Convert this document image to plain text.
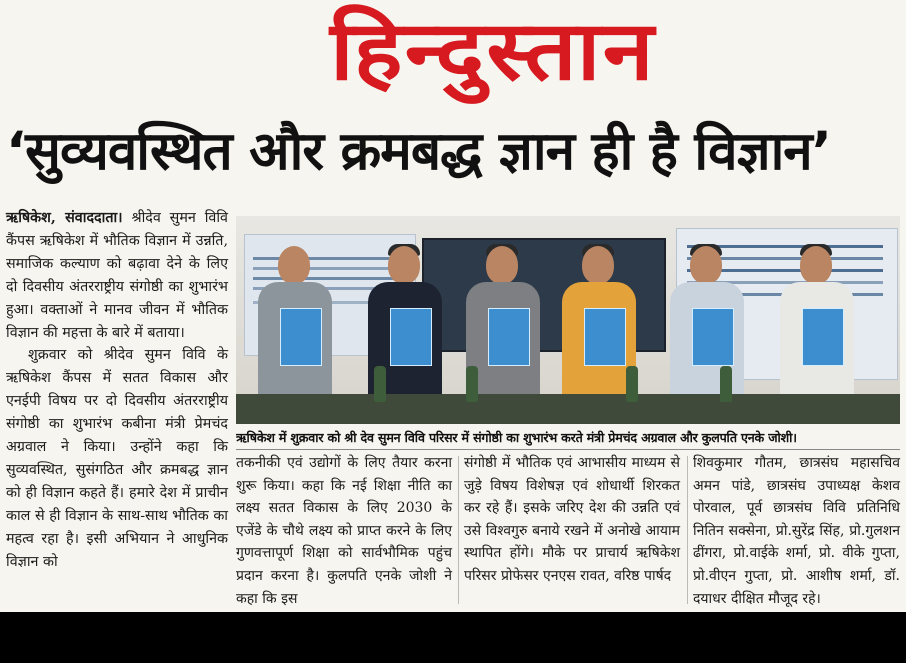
हिन्दुस्तान
‘सुव्यवस्थित और क्रमबद्ध ज्ञान ही है विज्ञान’

ऋषिकेश, संवाददाता। श्रीदेव सुमन विवि कैंपस ऋषिकेश में भौतिक विज्ञान में उन्नति, समाजिक कल्याण को बढ़ावा देने के लिए दो दिवसीय अंतरराष्ट्रीय संगोष्ठी का शुभारंभ हुआ। वक्ताओं ने मानव जीवन में भौतिक विज्ञान की महत्ता के बारे में बताया।

शुक्रवार को श्रीदेव सुमन विवि के ऋषिकेश कैंपस में सतत विकास और एनईपी विषय पर दो दिवसीय अंतरराष्ट्रीय संगोष्ठी का शुभारंभ कबीना मंत्री प्रेमचंद अग्रवाल ने किया। उन्होंने कहा कि सुव्यवस्थित, सुसंगठित और क्रमबद्ध ज्ञान को ही विज्ञान कहते हैं। हमारे देश में प्राचीन काल से ही विज्ञान के साथ-साथ भौतिक का महत्व रहा है। इसी अभियान ने आधुनिक विज्ञान को

ऋषिकेश में शुक्रवार को श्री देव सुमन विवि परिसर में संगोष्ठी का शुभारंभ करते मंत्री प्रेमचंद अग्रवाल और कुलपति एनके जोशी।
तकनीकी एवं उद्योगों के लिए तैयार करना शुरू किया। कहा कि नई शिक्षा नीति का लक्ष्य सतत विकास के लिए 2030 के एजेंडे के चौथे लक्ष्य को प्राप्त करने के लिए गुणवत्तापूर्ण शिक्षा को सार्वभौमिक पहुंच प्रदान करना है। कुलपति एनके जोशी ने कहा कि इस
संगोष्ठी में भौतिक एवं आभासीय माध्यम से जुड़े विषय विशेषज्ञ एवं शोधार्थी शिरकत कर रहे हैं। इसके जरिए देश की उन्नति एवं उसे विश्वगुरु बनाये रखने में अनोखे आयाम स्थापित होंगे। मौके पर प्राचार्य ऋषिकेश परिसर प्रोफेसर एनएस रावत, वरिष्ठ पार्षद
शिवकुमार गौतम, छात्रसंघ महासचिव अमन पांडे, छात्रसंघ उपाध्यक्ष केशव पोरवाल, पूर्व छात्रसंघ विवि प्रतिनिधि नितिन सक्सेना, प्रो.सुरेंद्र सिंह, प्रो.गुलशन ढींगरा, प्रो.वाईके शर्मा, प्रो. वीके गुप्ता, प्रो.वीएन गुप्ता, प्रो. आशीष शर्मा, डॉ. दयाधर दीक्षित मौजूद रहे।
